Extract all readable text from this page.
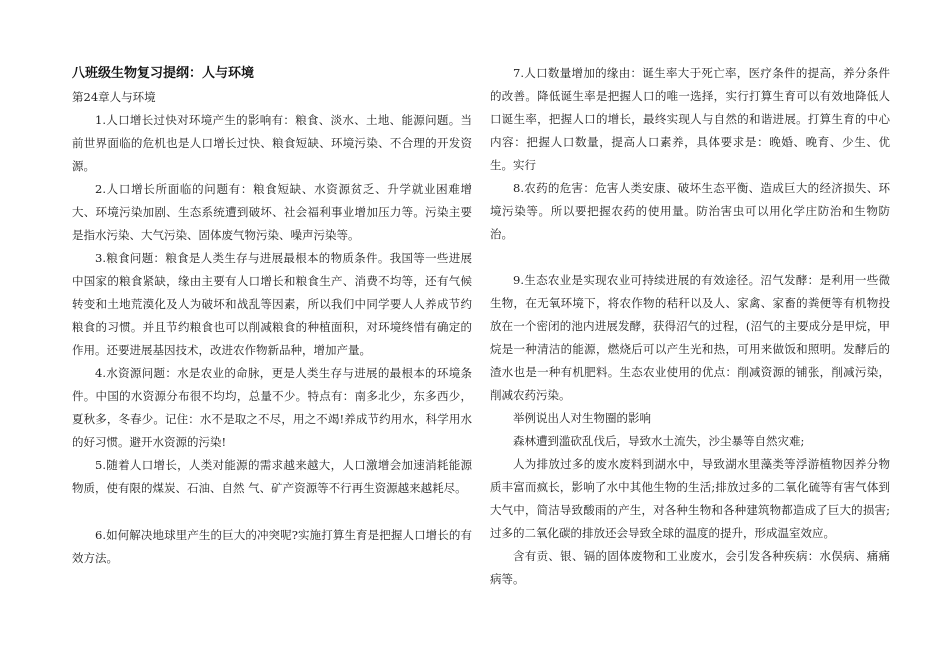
八班级生物复习提纲：人与环境

第24章人与环境

1.人口增长过快对环境产生的影响有：粮食、淡水、土地、能源问题。当前世界面临的危机也是人口增长过快、粮食短缺、环境污染、不合理的开发资源。

2.人口增长所面临的问题有：粮食短缺、水资源贫乏、升学就业困难增大、环境污染加剧、生态系统遭到破坏、社会福利事业增加压力等。污染主要是指水污染、大气污染、固体废气物污染、噪声污染等。

3.粮食问题：粮食是人类生存与进展最根本的物质条件。我国等一些进展中国家的粮食紧缺，缘由主要有人口增长和粮食生产、消费不均等，还有气候转变和土地荒漠化及人为破坏和战乱等因素，所以我们中同学要人人养成节约粮食的习惯。并且节约粮食也可以削减粮食的种植面积，对环境终惜有确定的作用。还要进展基因技术，改进农作物新品种，增加产量。

4.水资源问题：水是农业的命脉，更是人类生存与进展的最根本的环境条件。中国的水资源分布很不均均，总量不少。特点有：南多北少，东多西少，夏秋多，冬春少。记住：水不是取之不尽，用之不竭!养成节约用水，科学用水的好习惯。避开水资源的污染!

5.随着人口增长，人类对能源的需求越来越大，人口激增会加速消耗能源物质，使有限的煤炭、石油、自然 气、矿产资源等不行再生资源越来越耗尽。

6.如何解决地球里产生的巨大的冲突呢?实施打算生育是把握人口增长的有效方法。

7.人口数量增加的缘由：诞生率大于死亡率，医疗条件的提高，养分条件的改善。降低诞生率是把握人口的唯一选择，实行打算生育可以有效地降低人口诞生率，把握人口的增长，最终实现人与自然的和谐进展。打算生育的中心内容：把握人口数量，提高人口素养，具体要求是：晚婚、晚育、少生、优生。实行

8.农药的危害：危害人类安康、破坏生态平衡、造成巨大的经济损失、环境污染等。所以要把握农药的使用量。防治害虫可以用化学庄防治和生物防治。

9.生态农业是实现农业可持续进展的有效途径。沼气发酵：是利用一些微生物，在无氧环境下，将农作物的秸秆以及人、家禽、家畜的粪便等有机物投放在一个密闭的池内进展发酵，获得沼气的过程，(沼气的主要成分是甲烷，甲烷是一种清洁的能源，燃烧后可以产生光和热，可用来做饭和照明。发酵后的渣水也是一种有机肥料。生态农业使用的优点：削减资源的铺张，削减污染，削减农药污染。

举例说出人对生物圈的影响

森林遭到滥砍乱伐后，导致水土流失，沙尘暴等自然灾难;

人为排放过多的废水废料到湖水中，导致湖水里藻类等浮游植物因养分物质丰富而疯长，影响了水中其他生物的生活;排放过多的二氧化硫等有害气体到大气中，简洁导致酸雨的产生，对各种生物和各种建筑物都造成了巨大的损害;过多的二氧化碳的排放还会导致全球的温度的提升，形成温室效应。

含有贡、银、镉的固体废物和工业废水，会引发各种疾病：水俣病、痛痛病等。
